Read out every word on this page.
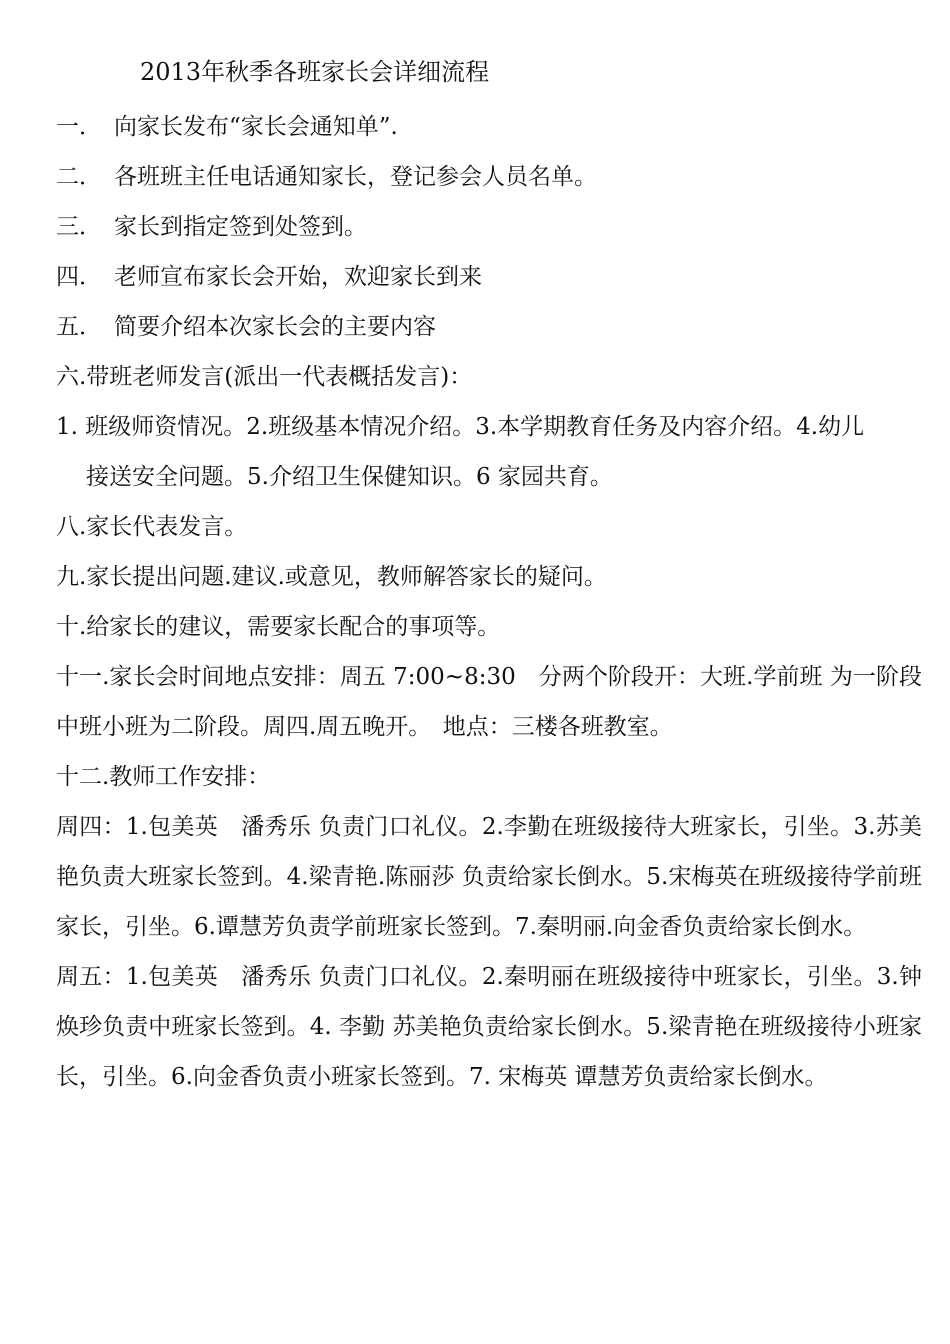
2013年秋季各班家长会详细流程
一． 向家长发布“家长会通知单”.
二． 各班班主任电话通知家长，登记参会人员名单。
三． 家长到指定签到处签到。
四． 老师宣布家长会开始，欢迎家长到来
五． 简要介绍本次家长会的主要内容
六.带班老师发言(派出一代表概括发言)：
1. 班级师资情况。2.班级基本情况介绍。3.本学期教育任务及内容介绍。4.幼儿
接送安全问题。5.介绍卫生保健知识。6 家园共育。
八.家长代表发言。
九.家长提出问题.建议.或意见，教师解答家长的疑问。
十.给家长的建议，需要家长配合的事项等。
十一.家长会时间地点安排：周五 7:00~8:30　分两个阶段开：大班.学前班 为一阶段　中班小班为二阶段。周四.周五晚开。　地点：三楼各班教室。
十二.教师工作安排：
周四：1.包美英　潘秀乐 负责门口礼仪。2.李勤在班级接待大班家长，引坐。3.苏美艳负责大班家长签到。4.梁青艳.陈丽莎 负责给家长倒水。5.宋梅英在班级接待学前班家长，引坐。6.谭慧芳负责学前班家长签到。7.秦明丽.向金香负责给家长倒水。
周五：1.包美英　潘秀乐 负责门口礼仪。2.秦明丽在班级接待中班家长，引坐。3.钟焕珍负责中班家长签到。4. 李勤 苏美艳负责给家长倒水。5.梁青艳在班级接待小班家长，引坐。6.向金香负责小班家长签到。7. 宋梅英 谭慧芳负责给家长倒水。
